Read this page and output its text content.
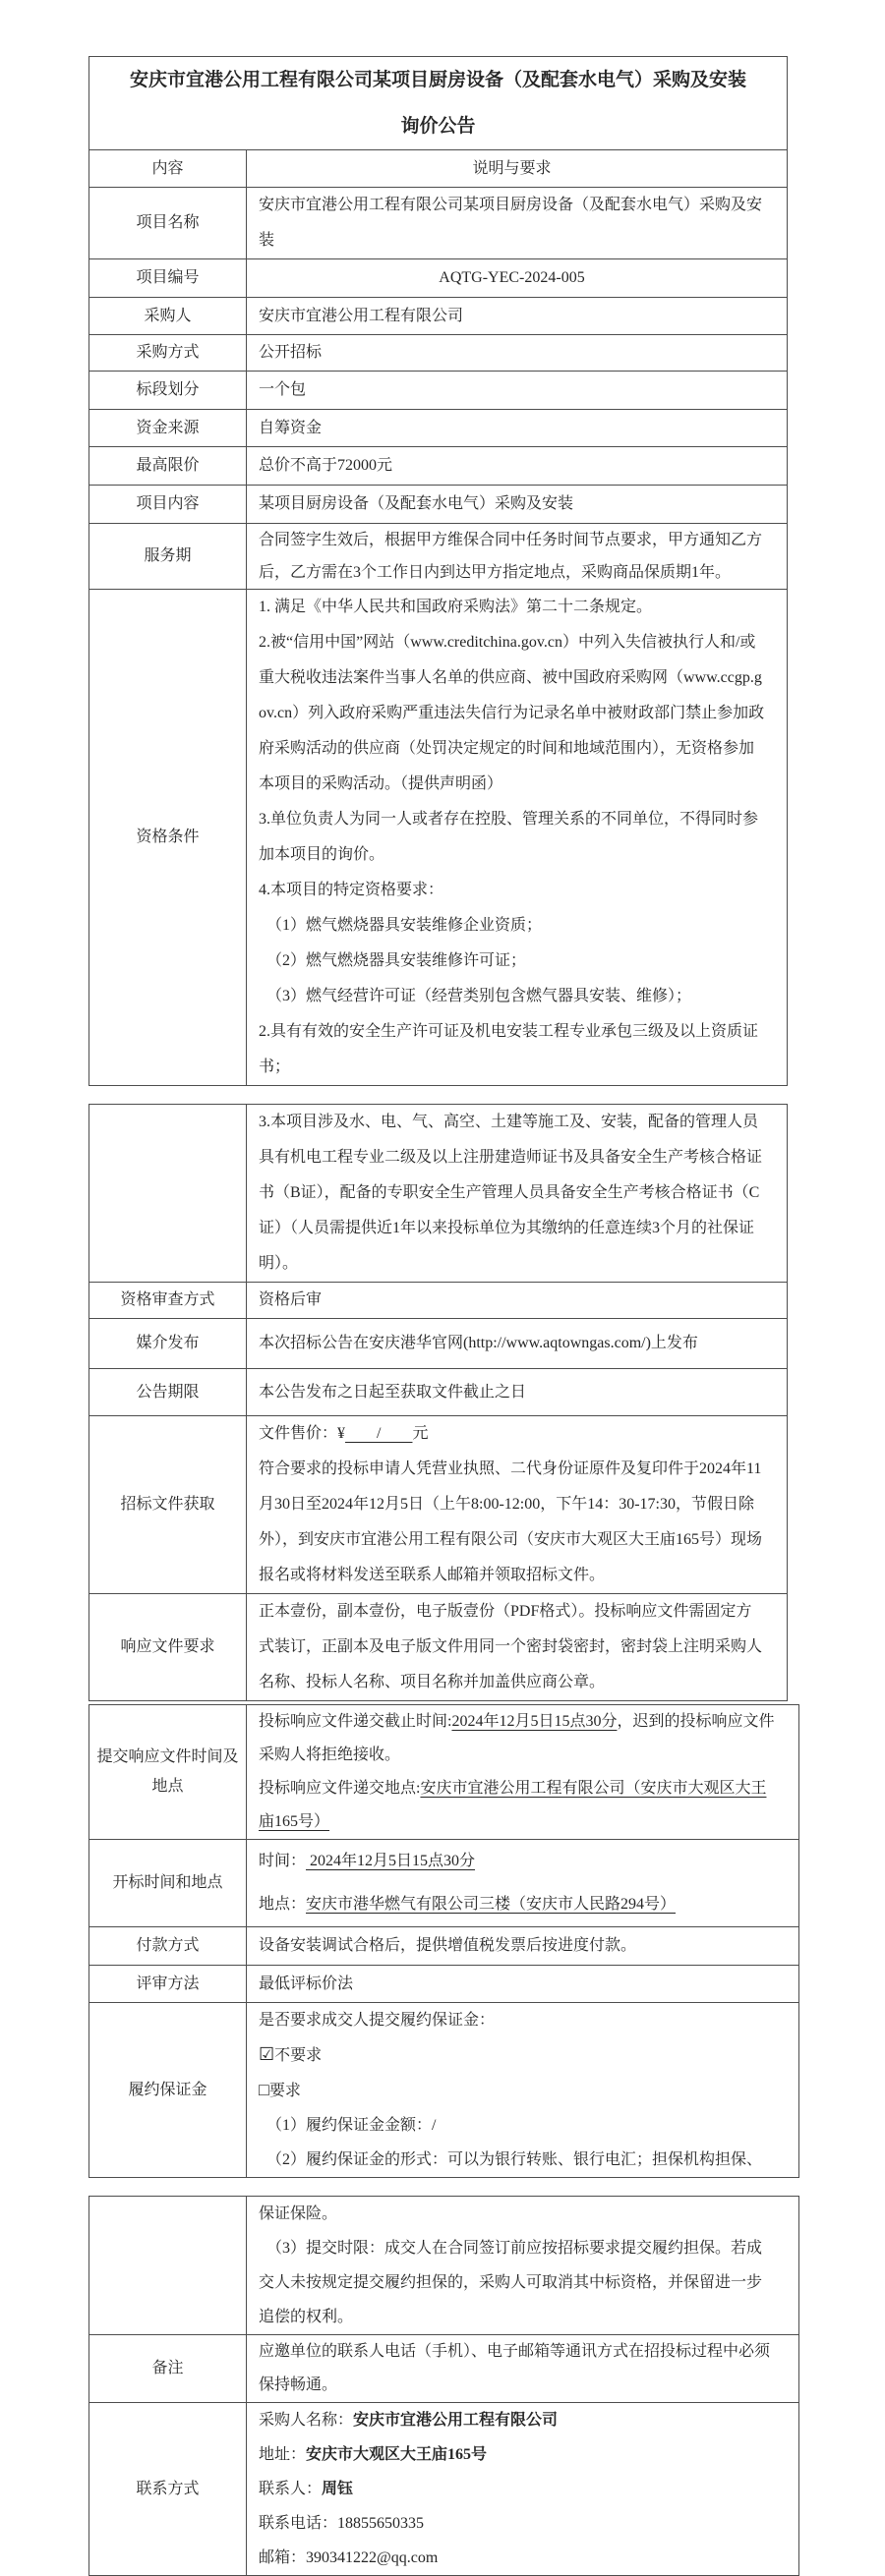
安庆市宜港公用工程有限公司某项目厨房设备（及配套水电气）采购及安装
询价公告	

内容	说明与要求
项目名称	安庆市宜港公用工程有限公司某项目厨房设备（及配套水电气）采购及安装
项目编号	AQTG-YEC-2024-005
采购人	安庆市宜港公用工程有限公司
采购方式	公开招标
标段划分	一个包
资金来源	自筹资金
最高限价	总价不高于72000元
项目内容	某项目厨房设备（及配套水电气）采购及安装
服务期	合同签字生效后，根据甲方维保合同中任务时间节点要求，甲方通知乙方后，乙方需在3个工作日内到达甲方指定地点，采购商品保质期1年。
资格条件	

1. 满足《中华人民共和国政府采购法》第二十二条规定。

2.被“信用中国”网站（www.creditchina.gov.cn）中列入失信被执行人和/或重大税收违法案件当事人名单的供应商、被中国政府采购网（www.ccgp.gov.cn）列入政府采购严重违法失信行为记录名单中被财政部门禁止参加政府采购活动的供应商（处罚决定规定的时间和地域范围内），无资格参加本项目的采购活动。（提供声明函）

3.单位负责人为同一人或者存在控股、管理关系的不同单位，不得同时参加本项目的询价。

4.本项目的特定资格要求：

　（1）燃气燃烧器具安装维修企业资质；

　（2）燃气燃烧器具安装维修许可证；

　（3）燃气经营许可证（经营类别包含燃气器具安装、维修）；

2.具有有效的安全生产许可证及机电安装工程专业承包三级及以上资质证书；

	3.本项目涉及水、电、气、高空、土建等施工及、安装，配备的管理人员具有机电工程专业二级及以上注册建造师证书及具备安全生产考核合格证书（B证），配备的专职安全生产管理人员具备安全生产考核合格证书（C证）（人员需提供近1年以来投标单位为其缴纳的任意连续3个月的社保证明）。

资格审查方式	资格后审
媒介发布	本次招标公告在安庆港华官网(http://www.aqtowngas.com/)上发布
公告期限	本公告发布之日起至获取文件截止之日
招标文件获取	文件售价：¥　　/　　元

符合要求的投标申请人凭营业执照、二代身份证原件及复印件于2024年11月30日至2024年12月5日（上午8:00-12:00，下午14：30-17:30，节假日除外），到安庆市宜港公用工程有限公司（安庆市大观区大王庙165号）现场报名或将材料发送至联系人邮箱并领取招标文件。

响应文件要求	正本壹份，副本壹份，电子版壹份（PDF格式）。投标响应文件需固定方式装订，正副本及电子版文件用同一个密封袋密封，密封袋上注明采购人名称、投标人名称、项目名称并加盖供应商公章。
提交响应文件时间及地点	投标响应文件递交截止时间:2024年12月5日15点30分，迟到的投标响应文件采购人将拒绝接收。

投标响应文件递交地点:安庆市宜港公用工程有限公司（安庆市大观区大王庙165号）

开标时间和地点	时间： 2024年12月5日15点30分

地点：安庆市港华燃气有限公司三楼（安庆市人民路294号）

付款方式	设备安装调试合格后，提供增值税发票后按进度付款。
评审方法	最低评标价法
履约保证金	是否要求成交人提交履约保证金：

☑不要求

□要求

　（1）履约保证金金额：/

　（2）履约保证金的形式：可以为银行转账、银行电汇；担保机构担保、

	保证保险。

　（3）提交时限：成交人在合同签订前应按招标要求提交履约担保。若成交人未按规定提交履约担保的，采购人可取消其中标资格，并保留进一步追偿的权利。

备注	应邀单位的联系人电话（手机）、电子邮箱等通讯方式在招投标过程中必须保持畅通。
联系方式	采购人名称：安庆市宜港公用工程有限公司

地址：安庆市大观区大王庙165号

联系人：周钰

联系电话：18855650335

邮箱：390341222@qq.com
